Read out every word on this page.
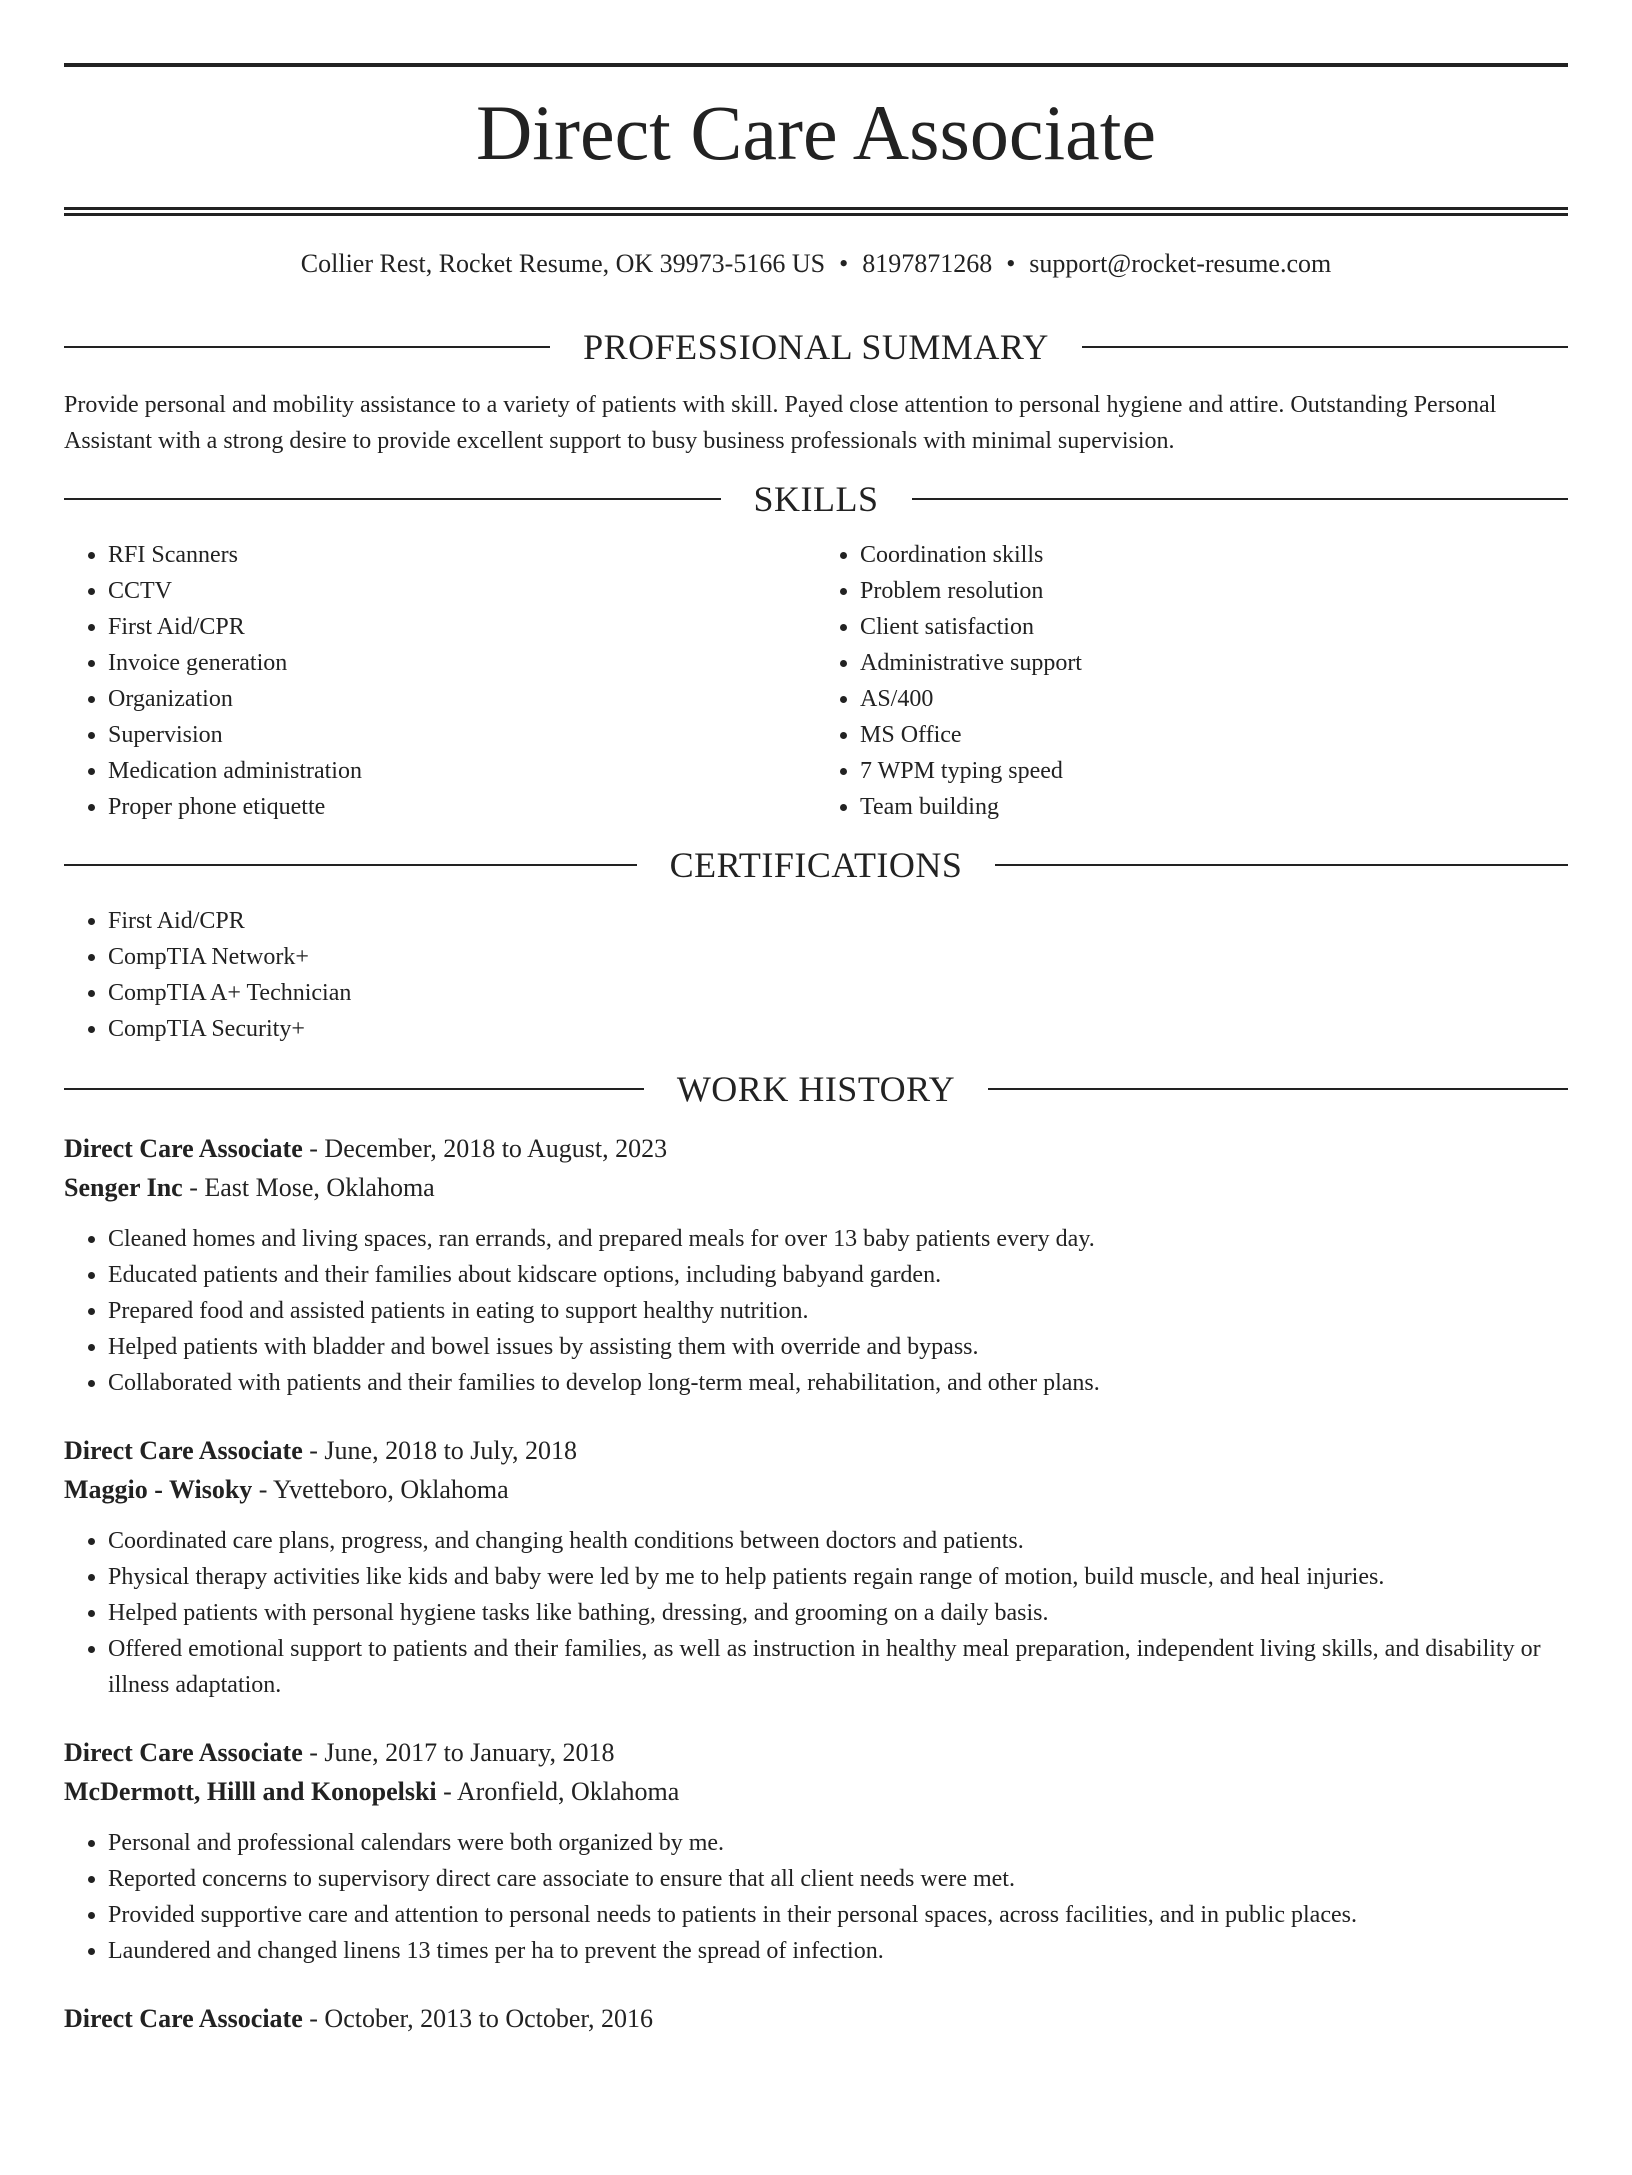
Direct Care Associate
Collier Rest, Rocket Resume, OK 39973-5166 US • 8197871268 • support@rocket-resume.com
PROFESSIONAL SUMMARY

Provide personal and mobility assistance to a variety of patients with skill. Payed close attention to personal hygiene and attire. Outstanding Personal Assistant with a strong desire to provide excellent support to busy business professionals with minimal supervision.

SKILLS
• RFI Scanners
• CCTV
• First Aid/CPR
• Invoice generation
• Organization
• Supervision
• Medication administration
• Proper phone etiquette
• Coordination skills
• Problem resolution
• Client satisfaction
• Administrative support
• AS/400
• MS Office
• 7 WPM typing speed
• Team building
CERTIFICATIONS
• First Aid/CPR
• CompTIA Network+
• CompTIA A+ Technician
• CompTIA Security+
WORK HISTORY
Direct Care Associate - December, 2018 to August, 2023
Senger Inc - East Mose, Oklahoma
• Cleaned homes and living spaces, ran errands, and prepared meals for over 13 baby patients every day.
• Educated patients and their families about kidscare options, including babyand garden.
• Prepared food and assisted patients in eating to support healthy nutrition.
• Helped patients with bladder and bowel issues by assisting them with override and bypass.
• Collaborated with patients and their families to develop long-term meal, rehabilitation, and other plans.
Direct Care Associate - June, 2018 to July, 2018
Maggio - Wisoky - Yvetteboro, Oklahoma
• Coordinated care plans, progress, and changing health conditions between doctors and patients.
• Physical therapy activities like kids and baby were led by me to help patients regain range of motion, build muscle, and heal injuries.
• Helped patients with personal hygiene tasks like bathing, dressing, and grooming on a daily basis.
• Offered emotional support to patients and their families, as well as instruction in healthy meal preparation, independent living skills, and disability or illness adaptation.
Direct Care Associate - June, 2017 to January, 2018
McDermott, Hilll and Konopelski - Aronfield, Oklahoma
• Personal and professional calendars were both organized by me.
• Reported concerns to supervisory direct care associate to ensure that all client needs were met.
• Provided supportive care and attention to personal needs to patients in their personal spaces, across facilities, and in public places.
• Laundered and changed linens 13 times per ha to prevent the spread of infection.
Direct Care Associate - October, 2013 to October, 2016
